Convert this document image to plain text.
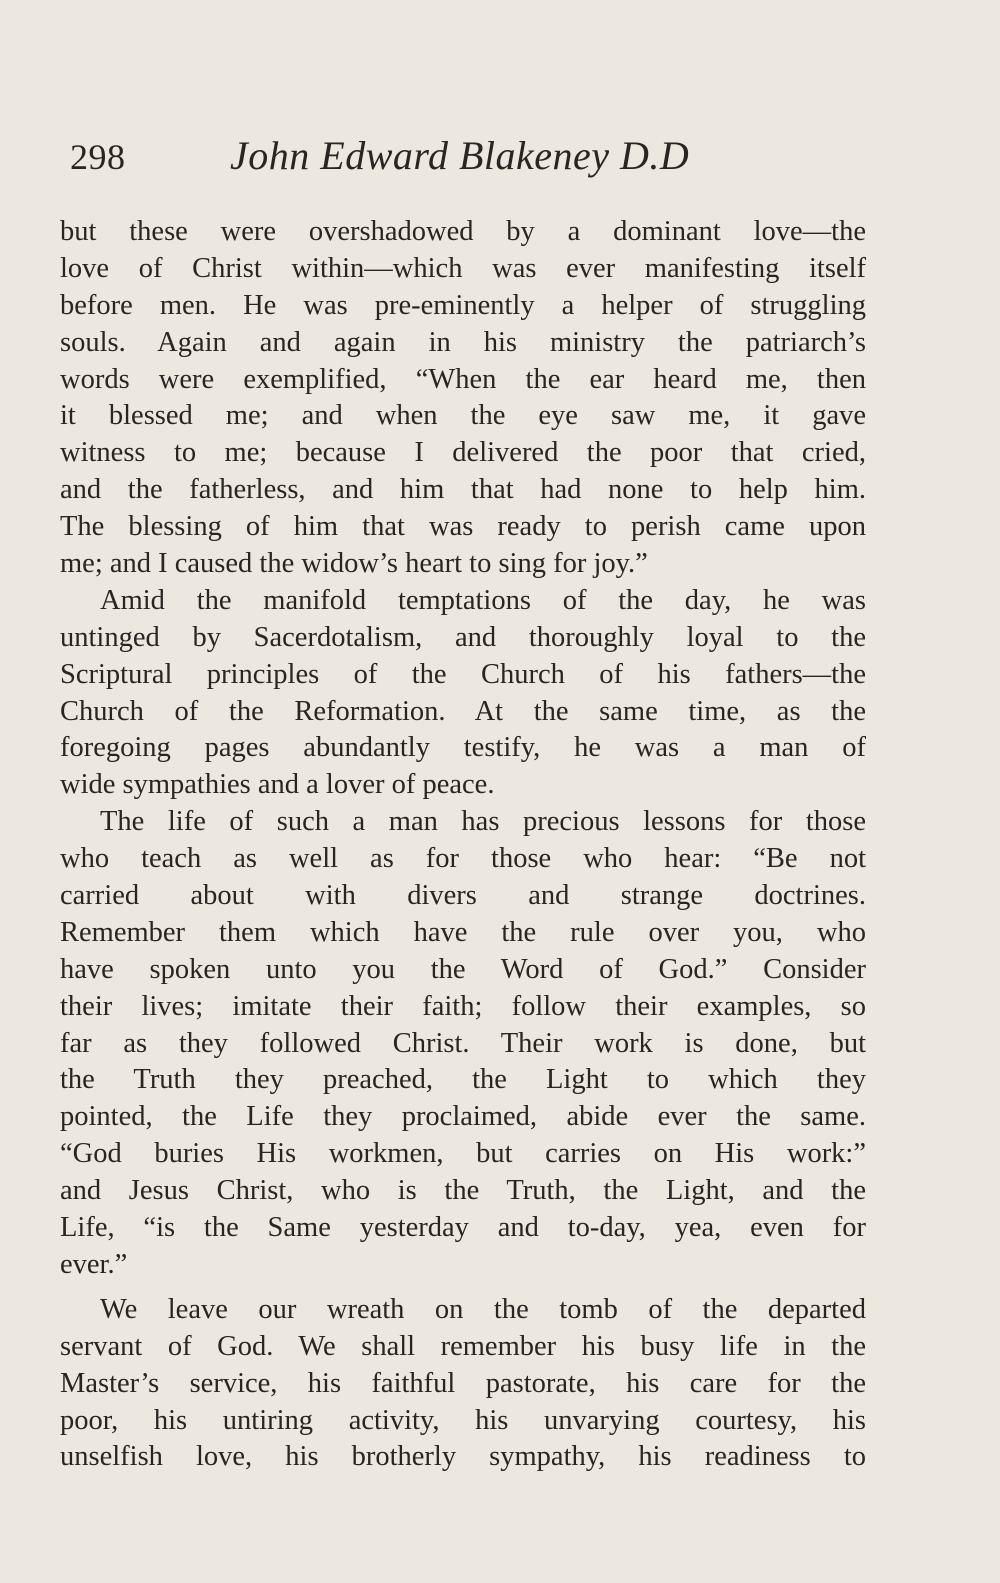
298	John Edward Blakeney D.D
but these were overshadowed by a dominant love—the
love of Christ within—which was ever manifesting itself
before men. He was pre-eminently a helper of struggling
souls. Again and again in his ministry the patriarch’s
words were exemplified, “When the ear heard me, then
it blessed me; and when the eye saw me, it gave
witness to me; because I delivered the poor that cried,
and the fatherless, and him that had none to help him.
The blessing of him that was ready to perish came upon
me; and I caused the widow’s heart to sing for joy.”
Amid the manifold temptations of the day, he was
untinged by Sacerdotalism, and thoroughly loyal to the
Scriptural principles of the Church of his fathers—the
Church of the Reformation. At the same time, as the
foregoing pages abundantly testify, he was a man of
wide sympathies and a lover of peace.
The life of such a man has precious lessons for those
who teach as well as for those who hear: “Be not
carried about with divers and strange doctrines.
Remember them which have the rule over you, who
have spoken unto you the Word of God.” Consider
their lives; imitate their faith; follow their examples, so
far as they followed Christ. Their work is done, but
the Truth they preached, the Light to which they
pointed, the Life they proclaimed, abide ever the same.
“God buries His workmen, but carries on His work:”
and Jesus Christ, who is the Truth, the Light, and the
Life, “is the Same yesterday and to-day, yea, even for
ever.”
We leave our wreath on the tomb of the departed
servant of God. We shall remember his busy life in the
Master’s service, his faithful pastorate, his care for the
poor, his untiring activity, his unvarying courtesy, his
unselfish love, his brotherly sympathy, his readiness to
